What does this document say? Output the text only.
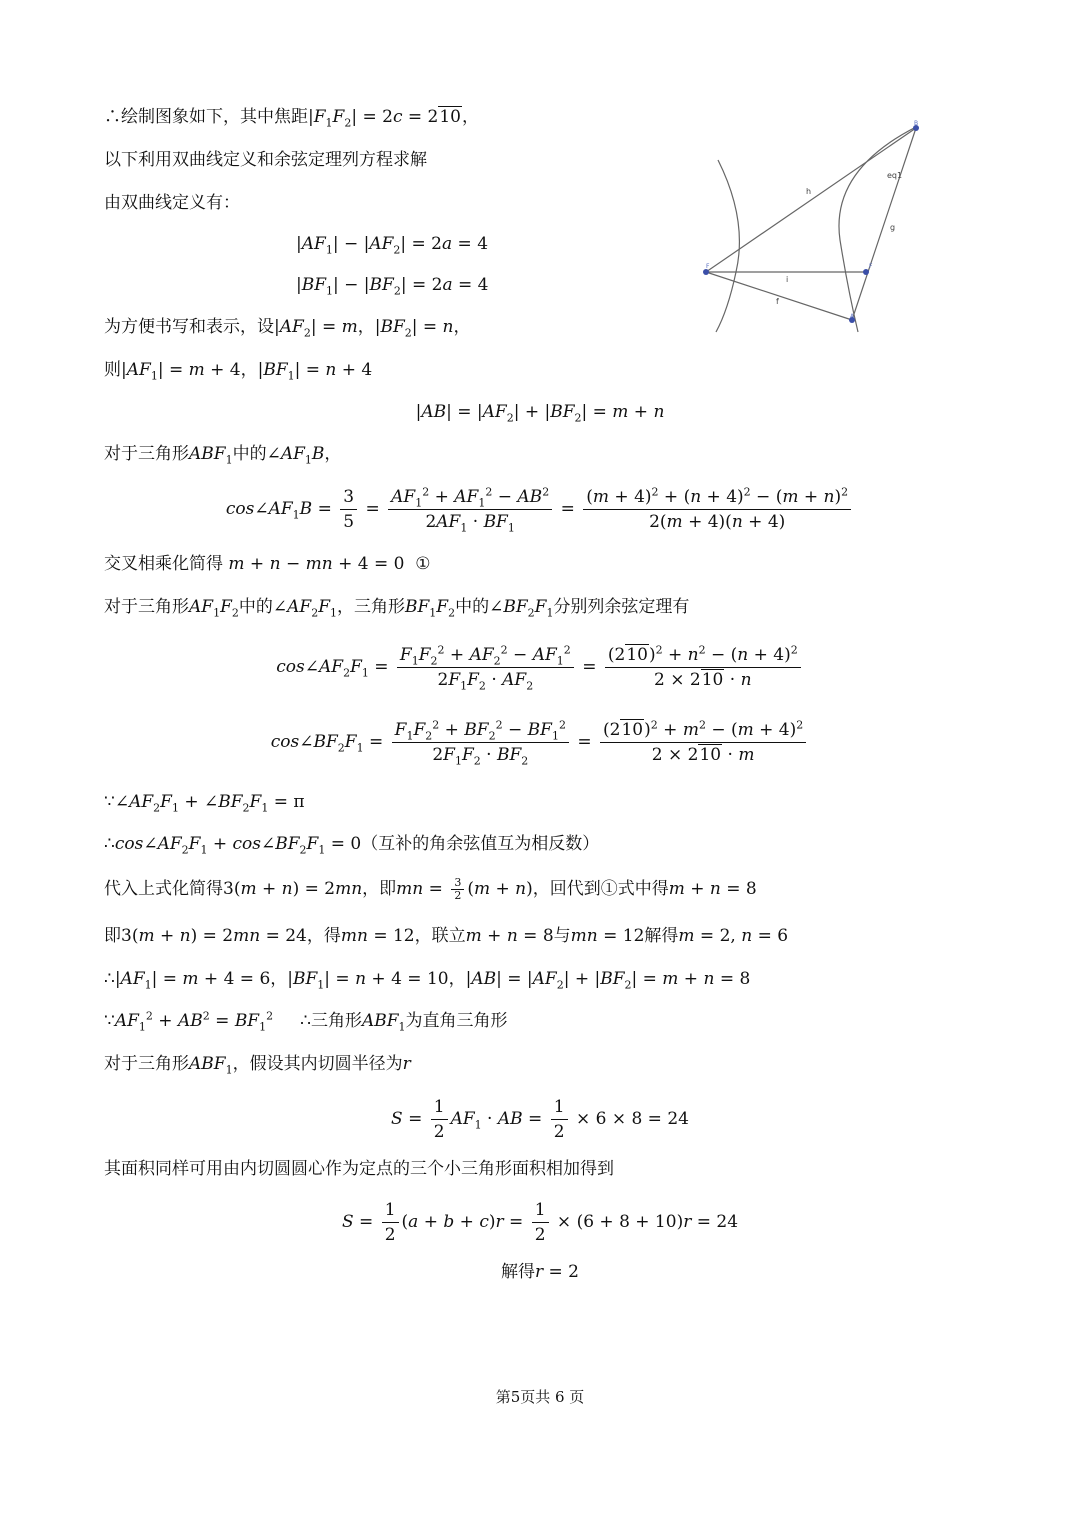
∴绘制图象如下，其中焦距$|F_1F_2| = 2c = 210$，
以下利用双曲线定义和余弦定理列方程求解
由双曲线定义有：
$|AF_1| - |AF_2| = 2a = 4$
$|BF_1| - |BF_2| = 2a = 4$
为方便书写和表示，设$|AF_2| = m$，$|BF_2| = n$，
则$|AF_1| = m + 4$，$|BF_1| = n + 4$
$|AB| = |AF_2| + |BF_2| = m + n$
对于三角形$ABF_1$中的$\angle AF_1B$，
$\cos\angle AF_1B = \frac{3}{5} = \frac{AF_1^2 + AF_1^2 - AB^2}{2AF_1 \cdot BF_1} = \frac{(m + 4)^2 + (n + 4)^2 - (m + n)^2}{2(m + 4)(n + 4)}$
交叉相乘化简得 m + n − mn + 4 = 0  ①
对于三角形$AF_1F_2$中的$\angle AF_2F_1$，三角形$BF_1F_2$中的$\angle BF_2F_1$分别列余弦定理有
$\cos\angle AF_2F_1 = \frac{F_1F_2^2 + AF_2^2 - AF_1^2}{2F_1F_2 \cdot AF_2} = \frac{(210)^2 + n^2 - (n + 4)^2}{2 \times 210 \cdot n}$
$\cos\angle BF_2F_1 = \frac{F_1F_2^2 + BF_2^2 - BF_1^2}{2F_1F_2 \cdot BF_2} = \frac{(210)^2 + m^2 - (m + 4)^2}{2 \times 210 \cdot m}$
$\because\angle AF_2F_1$ + $\angle BF_2F_1 = \pi$
$\therefore\cos\angle AF_2F_1$ + $\cos\angle BF_2F_1 = 0$（互补的角余弦值互为相反数）
代入上式化简得3(m + n) = 2mn，即mn = $\frac{3}{2} (m + n)$，回代到①式中得m + n = 8
即3(m + n) = 2mn = 24，得mn = 12，联立m + n = 8与mn = 12解得m = 2, n = 6
$\therefore|AF_1| = m + 4 = 6$，$|BF_1| = n + 4 = 10$，$|AB| = |AF_2| + |BF_2| = m + n = 8$
$\because AF_1^2 + AB^2 = BF_1^2$     ∴三角形$ABF_1$为直角三角形
对于三角形$ABF_1$，假设其内切圆半径为r
$S = \frac{1}{2} AF_1$ · AB = $\frac{1}{2} \times 6 \times 8 = 24$
其面积同样可用由内切圆圆心作为定点的三个小三角形面积相加得到
$S = \frac{1}{2} (a + b + c)r = \frac{1}{2} \times (6 + 8 + 10)r = 24$
解得r = 2
h
eq1
g
i
f
F	F
B
A
第5页共 6 页
